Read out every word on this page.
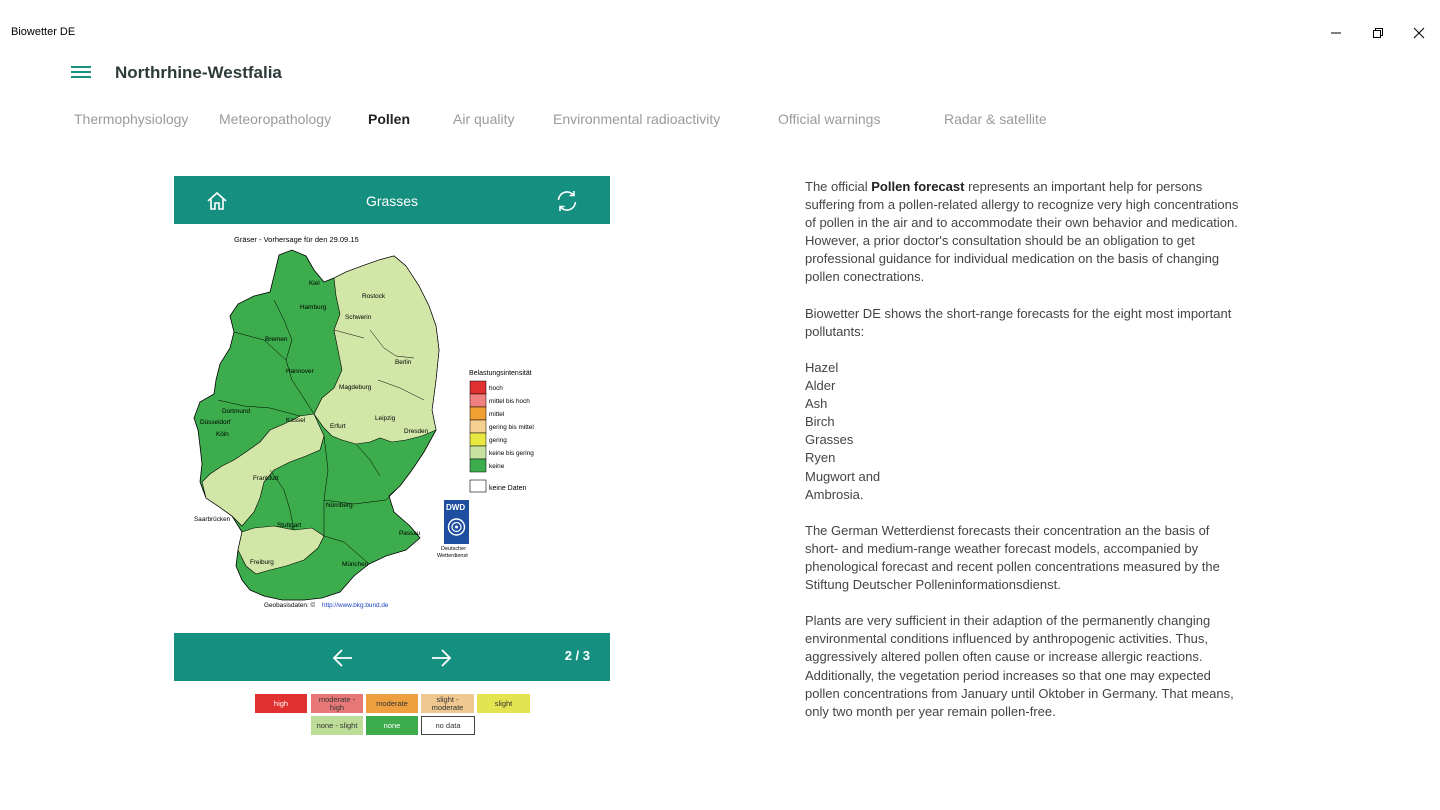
Biowetter DE
Northrhine-Westfalia
Thermophysiology Meteoropathology	Pollen	Air quality	Environmental radioactivity	Official warnings	Radar & satellite
Grasses
Gräser - Vorhersage für den 29.09.15
Kiel
Hamburg
Rostock
Schwerin
Bremen
Berlin
Hannover
Magdeburg
Dortmund
Düsseldorf
Köln
Kassel	Leipzig
Erfurt
Dresden
Frankfurt
Nürnberg
Saarbrücken
Stuttgart
Passau
Freiburg	München
Belastungsintensität
hoch
mittel bis hoch
mittel
gering bis mittel
gering
keine bis gering
keine
keine Daten
DWD
Deutscher
Wetterdienst
Geobasisdaten: © http://www.bkg.bund.de
2 / 3
high	moderate - high	moderate	slight - moderate	slight
none - slight	none	no data

The official Pollen forecast represents an important help for persons suffering from a pollen-related allergy to recognize very high concentrations of pollen in the air and to accommodate their own behavior and medication. However, a prior doctor's consultation should be an obligation to get professional guidance for individual medication on the basis of changing pollen conectrations.

Biowetter DE shows the short-range forecasts for the eight most important pollutants:

Hazel
Alder
Ash
Birch
Grasses
Ryen
Mugwort and
Ambrosia.

The German Wetterdienst forecasts their concentration an the basis of short- and medium-range weather forecast models, accompanied by phenological forecast and recent pollen concentrations measured by the Stiftung Deutscher Polleninformationsdienst.

Plants are very sufficient in their adaption of the permanently changing environmental conditions influenced by anthropogenic activities. Thus, aggressively altered pollen often cause or increase allergic reactions. Additionally, the vegetation period increases so that one may expected pollen concentrations from January until Oktober in Germany. That means, only two month per year remain pollen-free.
